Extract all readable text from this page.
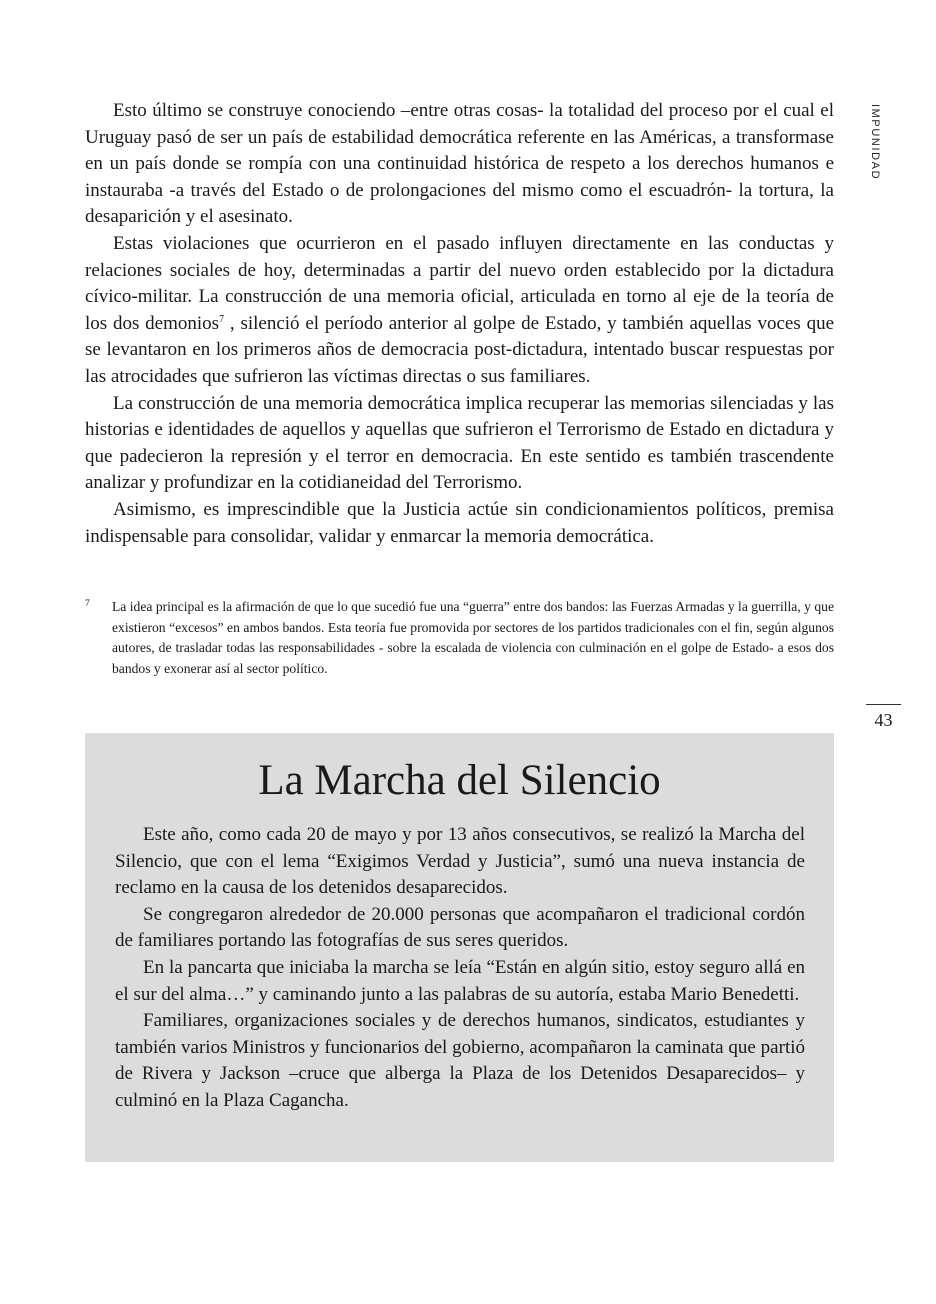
IMPUNIDAD

Esto último se construye conociendo –entre otras cosas- la totalidad del proceso por el cual el Uruguay pasó de ser un país de estabilidad democrática referente en las Américas, a transformase en un país donde se rompía con una continuidad histórica de respeto a los derechos humanos e instauraba -a través del Estado o de prolongaciones del mismo como el escuadrón- la tortura, la desaparición y el asesinato.

Estas violaciones que ocurrieron en el pasado influyen directamente en las conductas y relaciones sociales de hoy, determinadas a partir del nuevo orden establecido por la dictadura cívico-militar. La construcción de una memoria oficial, articulada en torno al eje de la teoría de los dos demonios$^7$ , silenció el período anterior al golpe de Estado, y también aquellas voces que se levantaron en los primeros años de democracia post-dictadura, intentado buscar respuestas por las atrocidades que sufrieron las víctimas directas o sus familiares.

La construcción de una memoria democrática implica recuperar las memorias silenciadas y las historias e identidades de aquellos y aquellas que sufrieron el Terrorismo de Estado en dictadura y que padecieron la represión y el terror en democracia. En este sentido es también trascendente analizar y profundizar en la cotidianeidad del Terrorismo.

Asimismo, es imprescindible que la Justicia actúe sin condicionamientos políticos, premisa indispensable para consolidar, validar y enmarcar la memoria democrática.

7 La idea principal es la afirmación de que lo que sucedió fue una “guerra” entre dos bandos: las Fuerzas Armadas y la guerrilla, y que existieron “excesos” en ambos bandos. Esta teoría fue promovida por sectores de los partidos tradicionales con el fin, según algunos autores, de trasladar todas las responsabilidades - sobre la escalada de violencia con culminación en el golpe de Estado- a esos dos bandos y exonerar así al sector político.
43
La Marcha del Silencio

Este año, como cada 20 de mayo y por 13 años consecutivos, se realizó la Marcha del Silencio, que con el lema “Exigimos Verdad y Justicia”, sumó una nueva instancia de reclamo en la causa de los detenidos desaparecidos.

Se congregaron alrededor de 20.000 personas que acompañaron el tradicional cordón de familiares portando las fotografías de sus seres queridos.

En la pancarta que iniciaba la marcha se leía “Están en algún sitio, estoy seguro allá en el sur del alma…” y caminando junto a las palabras de su autoría, estaba Mario Benedetti.

Familiares, organizaciones sociales y de derechos humanos, sindicatos, estudiantes y también varios Ministros y funcionarios del gobierno, acompañaron la caminata que partió de Rivera y Jackson –cruce que alberga la Plaza de los Detenidos Desaparecidos– y culminó en la Plaza Cagancha.
